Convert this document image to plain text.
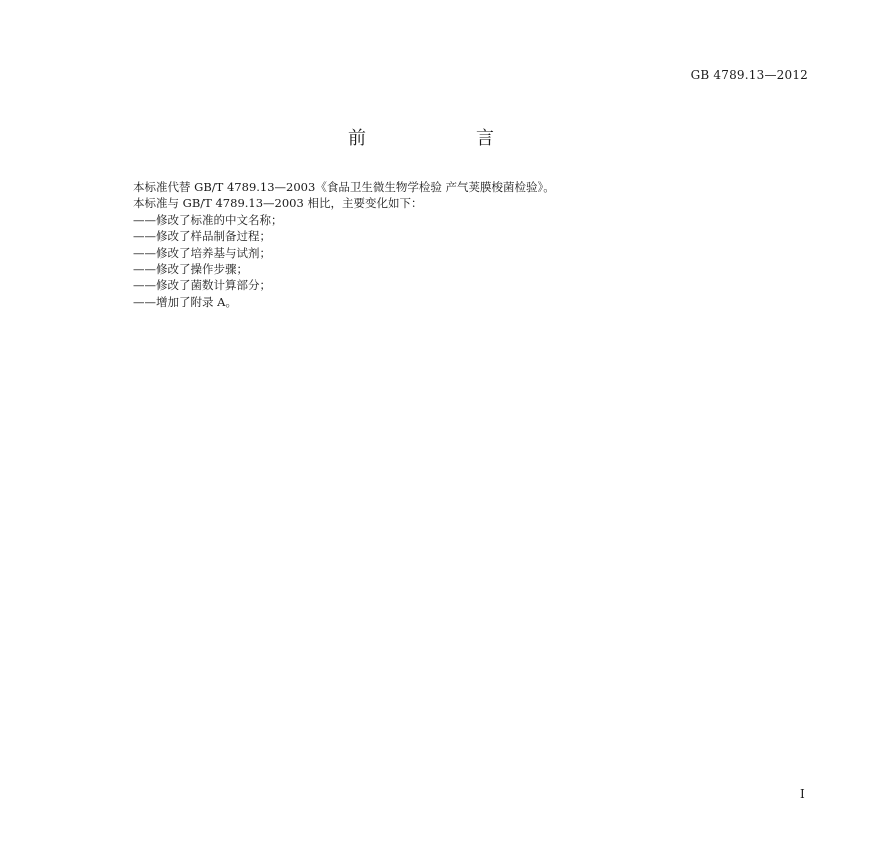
GB 4789.13—2012
前　言

本标准代替 GB/T 4789.13—2003《食品卫生微生物学检验 产气荚膜梭菌检验》。

本标准与 GB/T 4789.13—2003 相比，主要变化如下：

——修改了标准的中文名称；
——修改了样品制备过程；
——修改了培养基与试剂；
——修改了操作步骤；
——修改了菌数计算部分；
——增加了附录 A。
I
